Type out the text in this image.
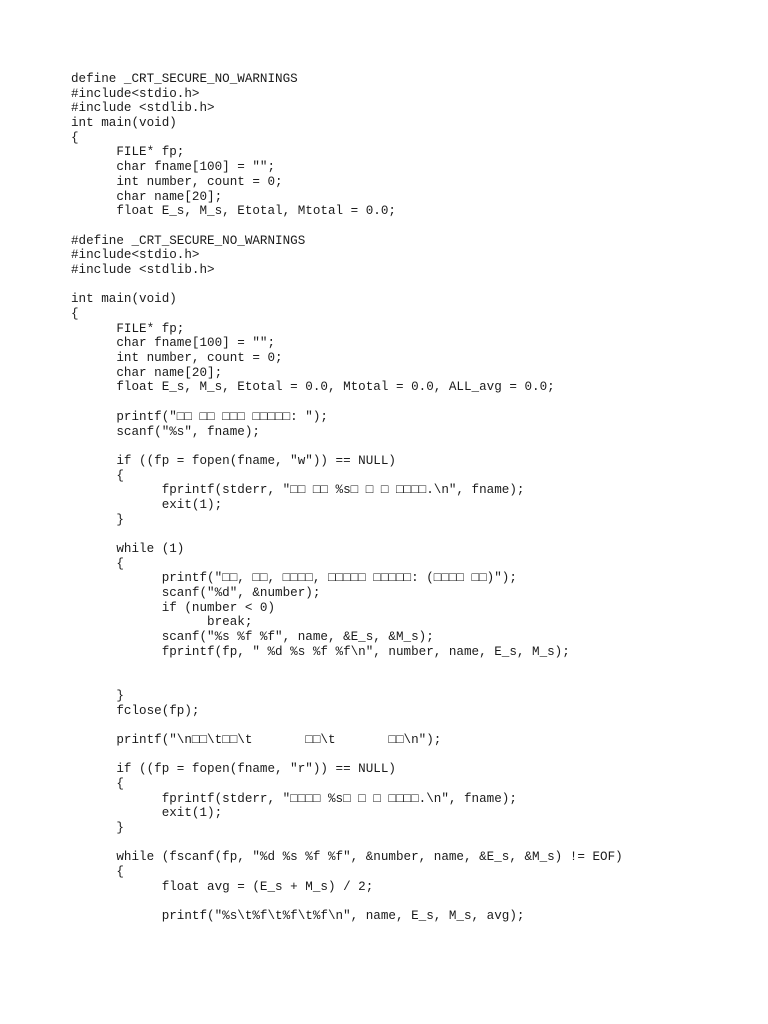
define _CRT_SECURE_NO_WARNINGS
#include<stdio.h>
#include <stdlib.h>
int main(void)
{
FILE* fp;
char fname[100] = "";
int number, count = 0;
char name[20];
float E_s, M_s, Etotal, Mtotal = 0.0;
#define _CRT_SECURE_NO_WARNINGS
#include<stdio.h>
#include <stdlib.h>
int main(void)
{
FILE* fp;
char fname[100] = "";
int number, count = 0;
char name[20];
float E_s, M_s, Etotal = 0.0, Mtotal = 0.0, ALL_avg = 0.0;
printf("□□ □□ □□□ □□□□□: ");
scanf("%s", fname);
if ((fp = fopen(fname, "w")) == NULL)
{
fprintf(stderr, "□□ □□ %s□ □ □ □□□□.\n", fname);
exit(1);
}
while (1)
{
printf("□□, □□, □□□□, □□□□□ □□□□□: (□□□□ □□)");
scanf("%d", &number);
if (number < 0)
break;
scanf("%s %f %f", name, &E_s, &M_s);
fprintf(fp, " %d %s %f %f\n", number, name, E_s, M_s);
}
fclose(fp);
printf("\n□□\t□□\t       □□\t       □□\n");
if ((fp = fopen(fname, "r")) == NULL)
{
fprintf(stderr, "□□□□ %s□ □ □ □□□□.\n", fname);
exit(1);
}
while (fscanf(fp, "%d %s %f %f", &number, name, &E_s, &M_s) != EOF)
{
float avg = (E_s + M_s) / 2;
printf("%s\t%f\t%f\t%f\n", name, E_s, M_s, avg);
